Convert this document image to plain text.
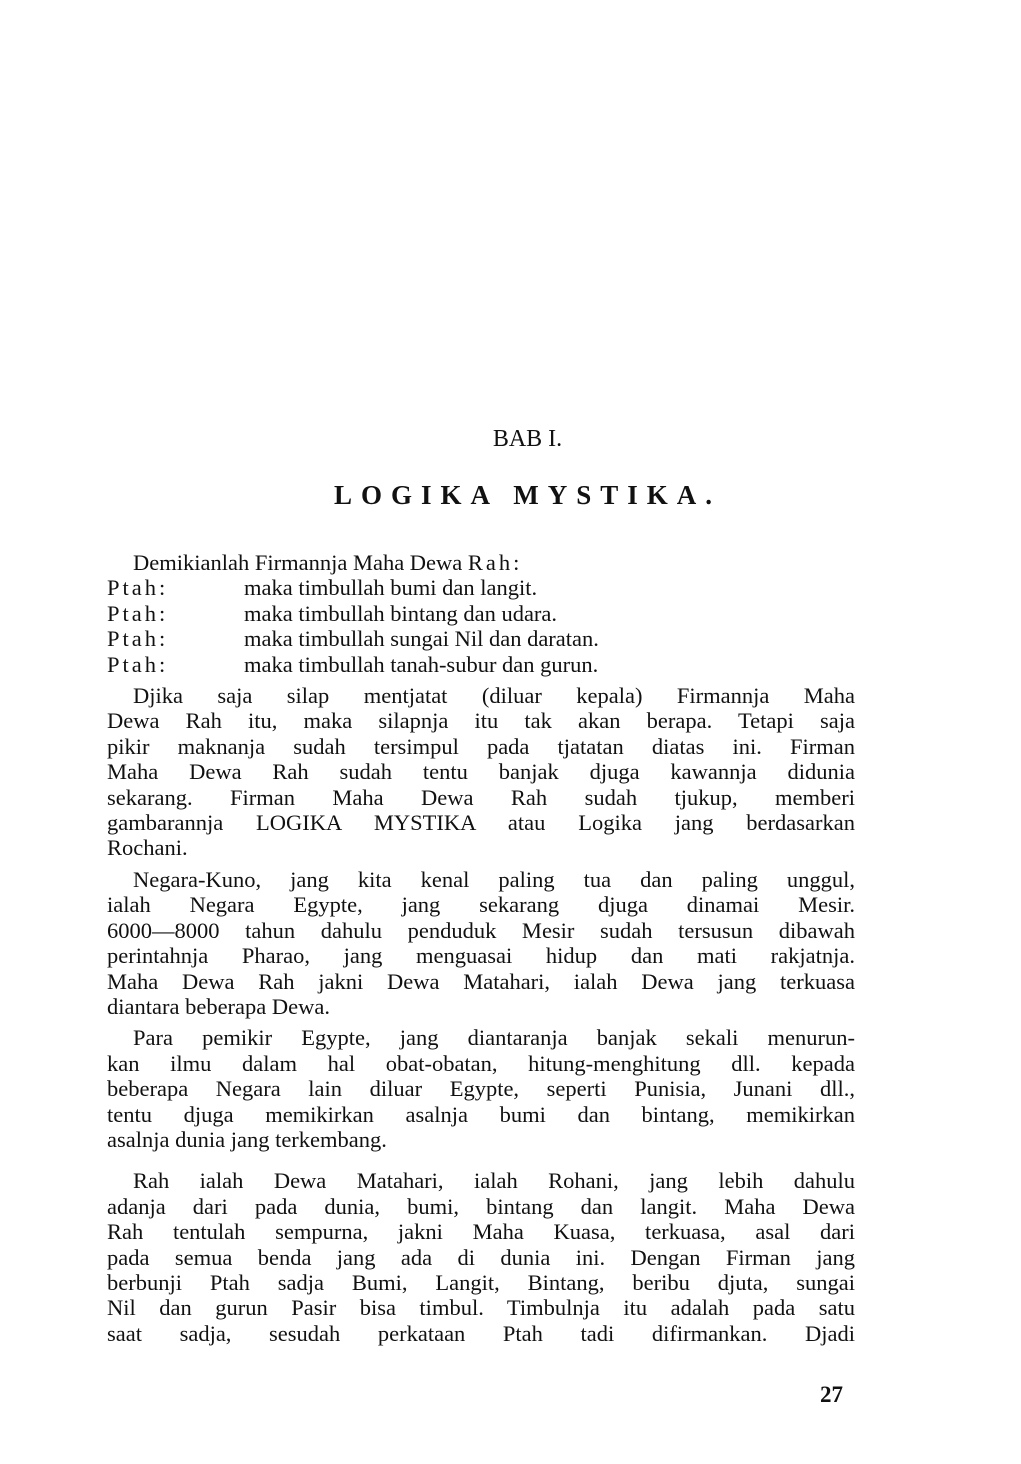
BAB I.
LOGIKA MYSTIKA.
Demikianlah Firmannja Maha Dewa Rah:
Ptah:	maka timbullah bumi dan langit.
Ptah:	maka timbullah bintang dan udara.
Ptah:	maka timbullah sungai Nil dan daratan.
Ptah:	maka timbullah tanah-subur dan gurun.
Djika saja silap mentjatat (diluar kepala) Firmannja Maha
Dewa Rah itu, maka silapnja itu tak akan berapa. Tetapi saja
pikir maknanja sudah tersimpul pada tjatatan diatas ini. Firman
Maha Dewa Rah sudah tentu banjak djuga kawannja didunia
sekarang. Firman Maha Dewa Rah sudah tjukup, memberi
gambarannja LOGIKA MYSTIKA atau Logika jang berdasarkan
Rochani.
Negara-Kuno, jang kita kenal paling tua dan paling unggul,
ialah Negara Egypte, jang sekarang djuga dinamai Mesir.
6000—8000 tahun dahulu penduduk Mesir sudah tersusun dibawah
perintahnja Pharao, jang menguasai hidup dan mati rakjatnja.
Maha Dewa Rah jakni Dewa Matahari, ialah Dewa jang terkuasa
diantara beberapa Dewa.
Para pemikir Egypte, jang diantaranja banjak sekali menurun-
kan ilmu dalam hal obat-obatan, hitung-menghitung dll. kepada
beberapa Negara lain diluar Egypte, seperti Punisia, Junani dll.,
tentu djuga memikirkan asalnja bumi dan bintang, memikirkan
asalnja dunia jang terkembang.
Rah ialah Dewa Matahari, ialah Rohani, jang lebih dahulu
adanja dari pada dunia, bumi, bintang dan langit. Maha Dewa
Rah tentulah sempurna, jakni Maha Kuasa, terkuasa, asal dari
pada semua benda jang ada di dunia ini. Dengan Firman jang
berbunji Ptah sadja Bumi, Langit, Bintang, beribu djuta, sungai
Nil dan gurun Pasir bisa timbul. Timbulnja itu adalah pada satu
saat sadja, sesudah perkataan Ptah tadi difirmankan. Djadi
27
